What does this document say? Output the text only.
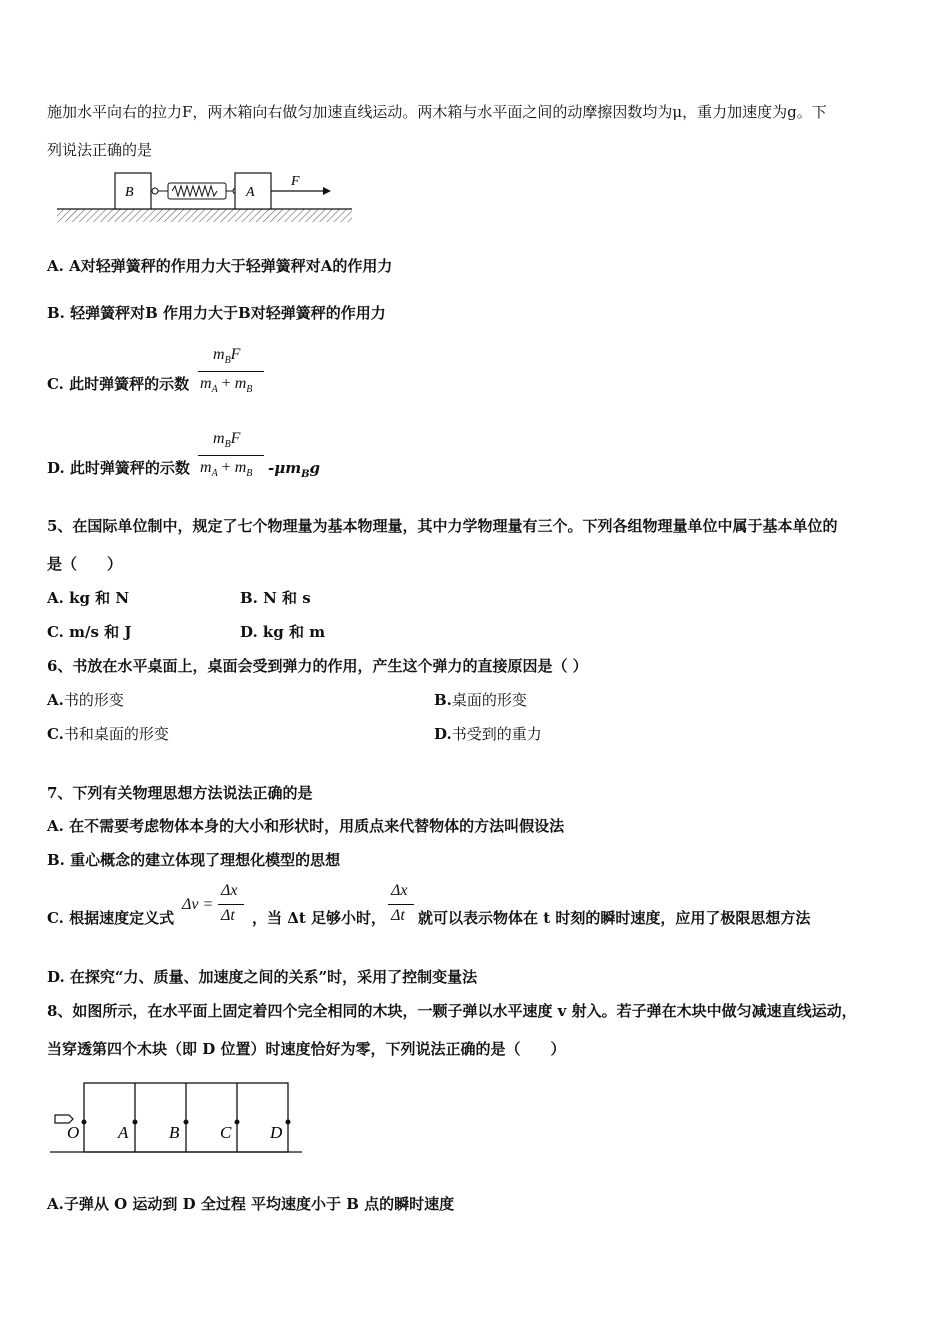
施加水平向右的拉力F，两木箱向右做匀加速直线运动。两木箱与水平面之间的动摩擦因数均为μ，重力加速度为g。下
列说法正确的是
B	A
F
A. A对轻弹簧秤的作用力大于轻弹簧秤对A的作用力
B. 轻弹簧秤对B 作用力大于B对轻弹簧秤的作用力
C. 此时弹簧秤的示数
$m_BF$
$m_A + m_B$
D. 此时弹簧秤的示数
$m_BF$
$m_A + m_B$ $-\mu m_Bg$
5、在国际单位制中，规定了七个物理量为基本物理量，其中力学物理量有三个。下列各组物理量单位中属于基本单位的
是（　　）
A. kg 和 N	B. N 和 s
C. m/s 和 J	D. kg 和 m
6、书放在水平桌面上，桌面会受到弹力的作用，产生这个弹力的直接原因是（ ）
A.书的形变	B.桌面的形变
C.书和桌面的形变	D.书受到的重力
7、下列有关物理思想方法说法正确的是
A. 在不需要考虑物体本身的大小和形状时，用质点来代替物体的方法叫假设法
B. 重心概念的建立体现了理想化模型的思想
C. 根据速度定义式
Δv =
Δx
Δt ，当 Δt 足够小时，
Δx
Δt 就可以表示物体在 t 时刻的瞬时速度，应用了极限思想方法
D. 在探究“力、质量、加速度之间的关系”时，采用了控制变量法
8、如图所示，在水平面上固定着四个完全相同的木块，一颗子弹以水平速度 v 射入。若子弹在木块中做匀减速直线运动，
当穿透第四个木块（即 D 位置）时速度恰好为零，下列说法正确的是（　　）
O A B C D
A.子弹从 O 运动到 D 全过程 平均速度小于 B 点的瞬时速度
